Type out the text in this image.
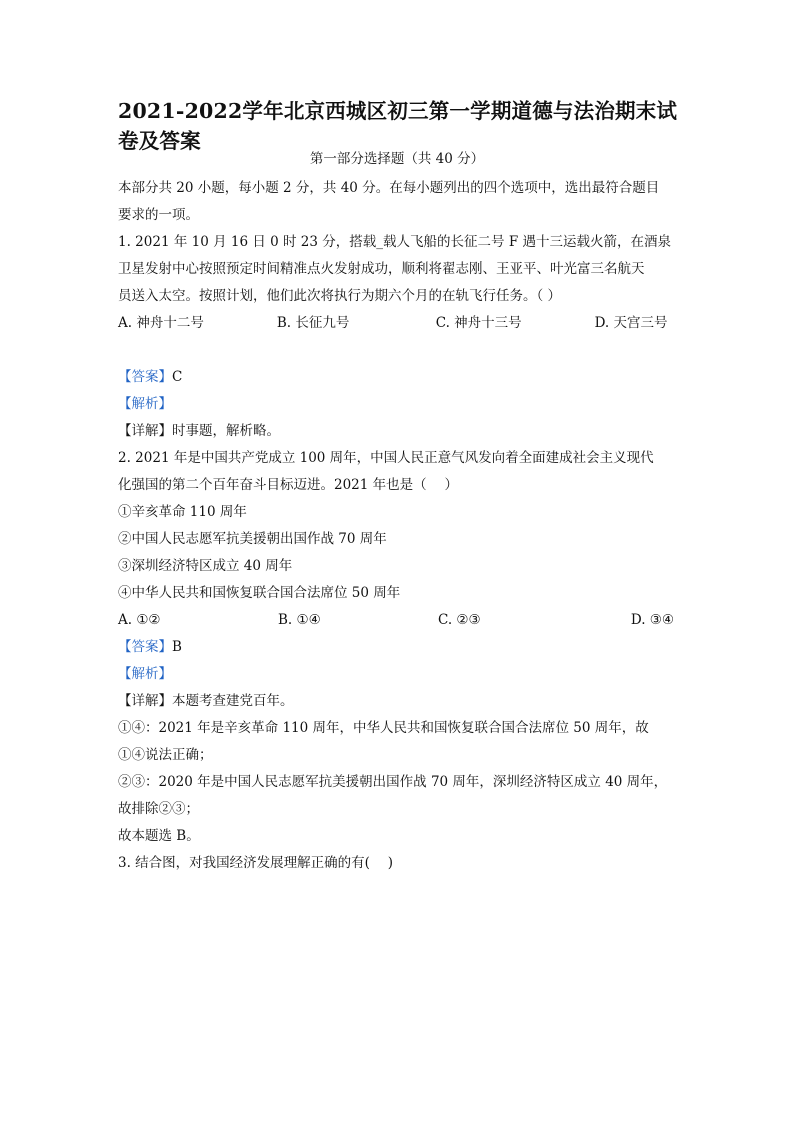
2021-2022学年北京西城区初三第一学期道德与法治期末试卷及答案
第一部分选择题（共 40 分）
本部分共 20 小题，每小题 2 分，共 40 分。在每小题列出的四个选项中，选出最符合题目
要求的一项。
1. 2021 年 10 月 16 日 0 时 23 分，搭载_载人飞船的长征二号 F 遇十三运载火箭，在酒泉
卫星发射中心按照预定时间精准点火发射成功，顺利将翟志刚、王亚平、叶光富三名航天
员送入太空。按照计划，他们此次将执行为期六个月的在轨飞行任务。（ ）
A. 神舟十二号	B. 长征九号	C. 神舟十三号	D. 天宫三号
【答案】C
【解析】
【详解】时事题，解析略。
2. 2021 年是中国共产党成立 100 周年，中国人民正意气风发向着全面建成社会主义现代
化强国的第二个百年奋斗目标迈进。2021 年也是（　 ）
①辛亥革命 110 周年
②中国人民志愿军抗美援朝出国作战 70 周年
③深圳经济特区成立 40 周年
④中华人民共和国恢复联合国合法席位 50 周年
A. ①②	B. ①④	C. ②③	D. ③④
【答案】B
【解析】
【详解】本题考查建党百年。
①④：2021 年是辛亥革命 110 周年，中华人民共和国恢复联合国合法席位 50 周年，故
①④说法正确；
②③：2020 年是中国人民志愿军抗美援朝出国作战 70 周年，深圳经济特区成立 40 周年，
故排除②③；
故本题选 B。
3. 结合图，对我国经济发展理解正确的有(　 )
